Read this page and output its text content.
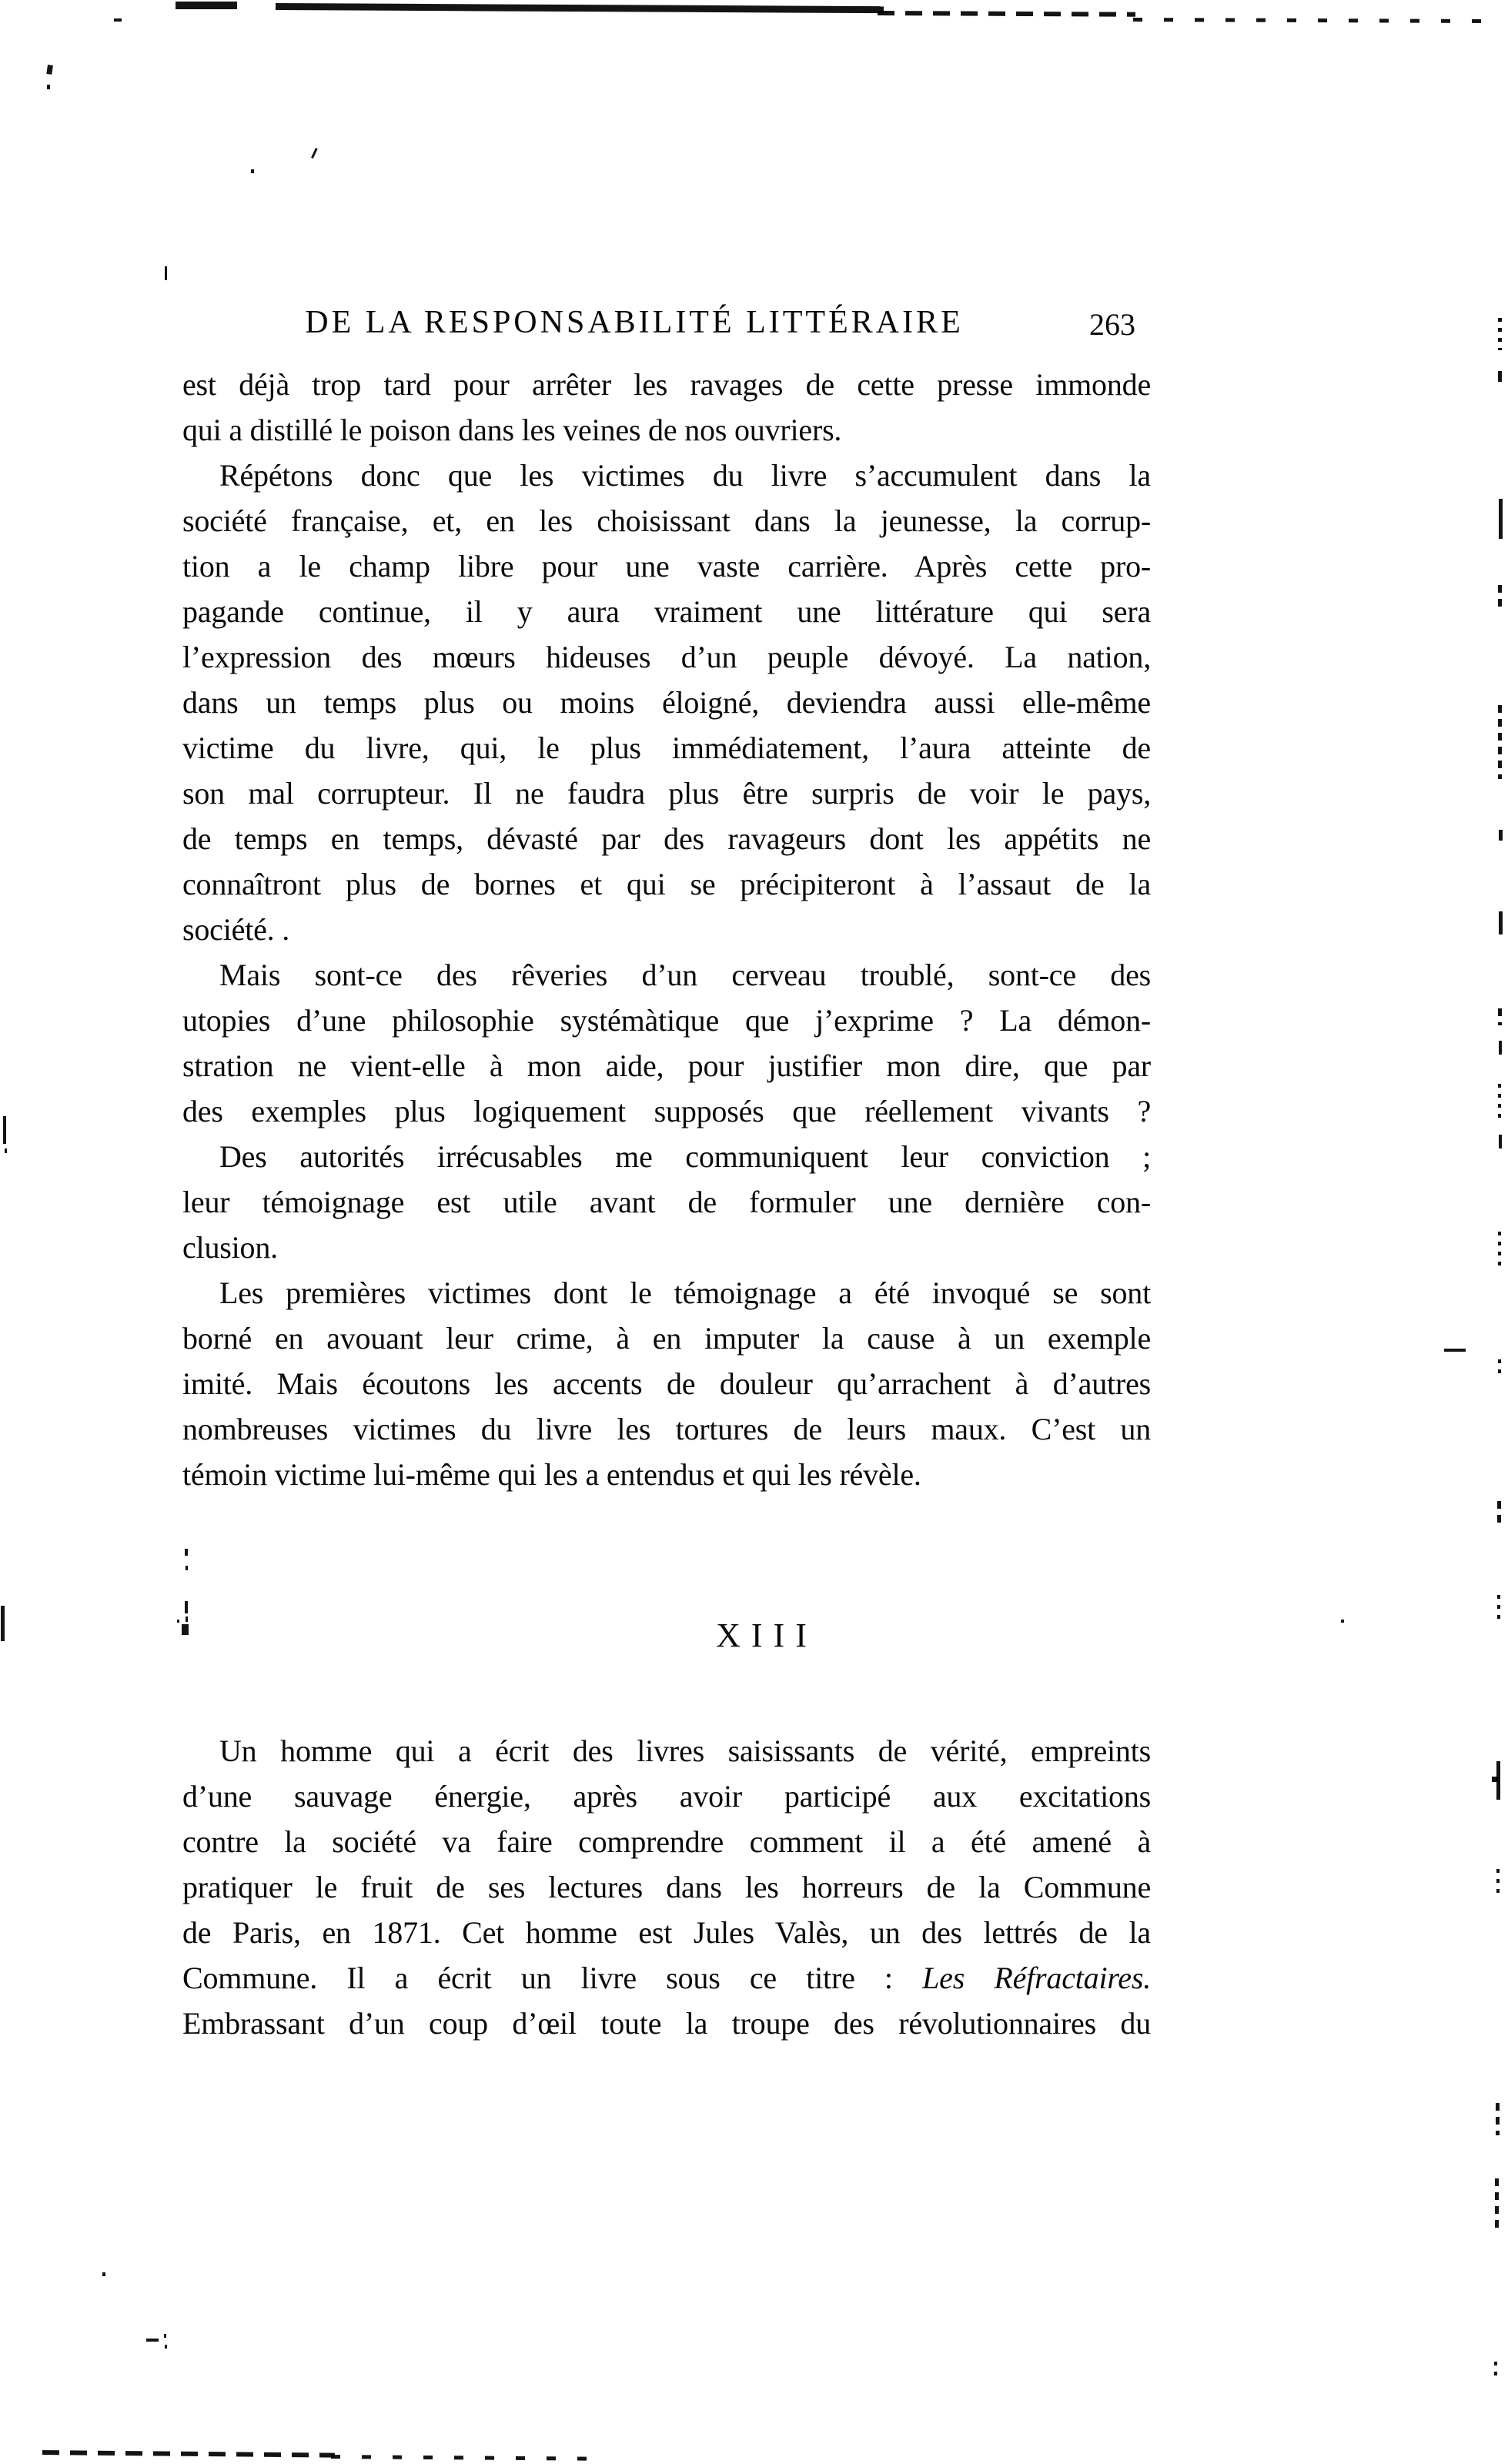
DE LA RESPONSABILITÉ LITTÉRAIRE	263
est déjà trop tard pour arrêter les ravages de cette presse immonde
qui a distillé le poison dans les veines de nos ouvriers.
Répétons donc que les victimes du livre s’accumulent dans la
société française, et, en les choisissant dans la jeunesse, la corrup-
tion a le champ libre pour une vaste carrière. Après cette pro-
pagande continue, il y aura vraiment une littérature qui sera
l’expression des mœurs hideuses d’un peuple dévoyé. La nation,
dans un temps plus ou moins éloigné, deviendra aussi elle-même
victime du livre, qui, le plus immédiatement, l’aura atteinte de
son mal corrupteur. Il ne faudra plus être surpris de voir le pays,
de temps en temps, dévasté par des ravageurs dont les appétits ne
connaîtront plus de bornes et qui se précipiteront à l’assaut de la
société. .
Mais sont-ce des rêveries d’un cerveau troublé, sont-ce des
utopies d’une philosophie systémàtique que j’exprime ? La démon-
stration ne vient-elle à mon aide, pour justifier mon dire, que par
des exemples plus logiquement supposés que réellement vivants ?
Des autorités irrécusables me communiquent leur conviction ;
leur témoignage est utile avant de formuler une dernière con-
clusion.
Les premières victimes dont le témoignage a été invoqué se sont
borné en avouant leur crime, à en imputer la cause à un exemple
imité. Mais écoutons les accents de douleur qu’arrachent à d’autres
nombreuses victimes du livre les tortures de leurs maux. C’est un
témoin victime lui-même qui les a entendus et qui les révèle.
XIII
Un homme qui a écrit des livres saisissants de vérité, empreints
d’une sauvage énergie, après avoir participé aux excitations
contre la société va faire comprendre comment il a été amené à
pratiquer le fruit de ses lectures dans les horreurs de la Commune
de Paris, en 1871. Cet homme est Jules Valès, un des lettrés de la
Commune. Il a écrit un livre sous ce titre : Les Réfractaires.
Embrassant d’un coup d’œil toute la troupe des révolutionnaires du
